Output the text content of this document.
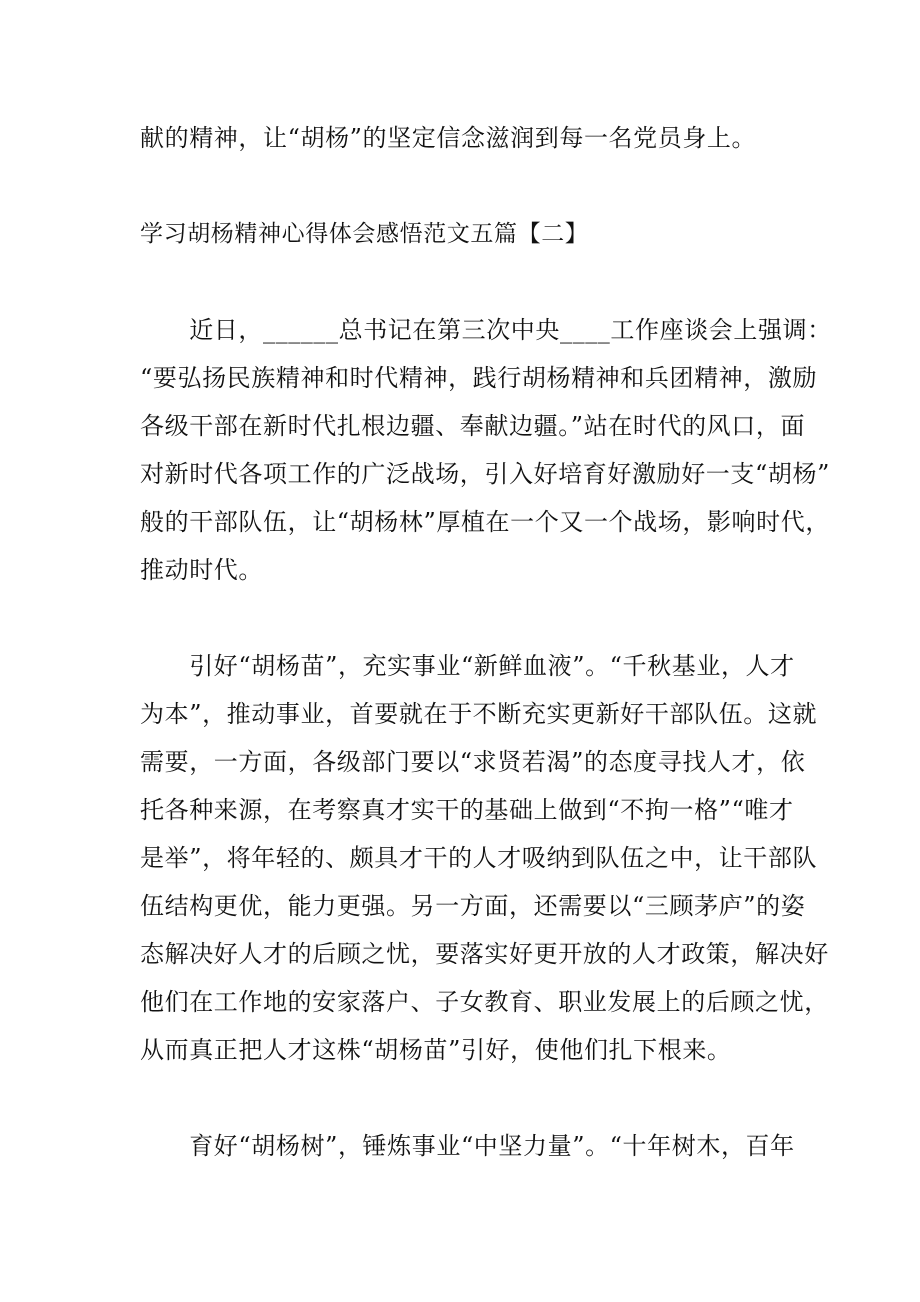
献的精神，让“胡杨”的坚定信念滋润到每一名党员身上。
学习胡杨精神心得体会感悟范文五篇【二】
　　近日，______总书记在第三次中央____工作座谈会上强调：
“要弘扬民族精神和时代精神，践行胡杨精神和兵团精神，激励
各级干部在新时代扎根边疆、奉献边疆。”站在时代的风口，面
对新时代各项工作的广泛战场，引入好培育好激励好一支“胡杨”
般的干部队伍，让“胡杨林”厚植在一个又一个战场，影响时代，
推动时代。
　　引好“胡杨苗”，充实事业“新鲜血液”。“千秋基业，人才
为本”，推动事业，首要就在于不断充实更新好干部队伍。这就
需要，一方面，各级部门要以“求贤若渴”的态度寻找人才，依
托各种来源，在考察真才实干的基础上做到“不拘一格”“唯才
是举”，将年轻的、颇具才干的人才吸纳到队伍之中，让干部队
伍结构更优，能力更强。另一方面，还需要以“三顾茅庐”的姿
态解决好人才的后顾之忧，要落实好更开放的人才政策，解决好
他们在工作地的安家落户、子女教育、职业发展上的后顾之忧，
从而真正把人才这株“胡杨苗”引好，使他们扎下根来。
　　育好“胡杨树”，锤炼事业“中坚力量”。“十年树木，百年
